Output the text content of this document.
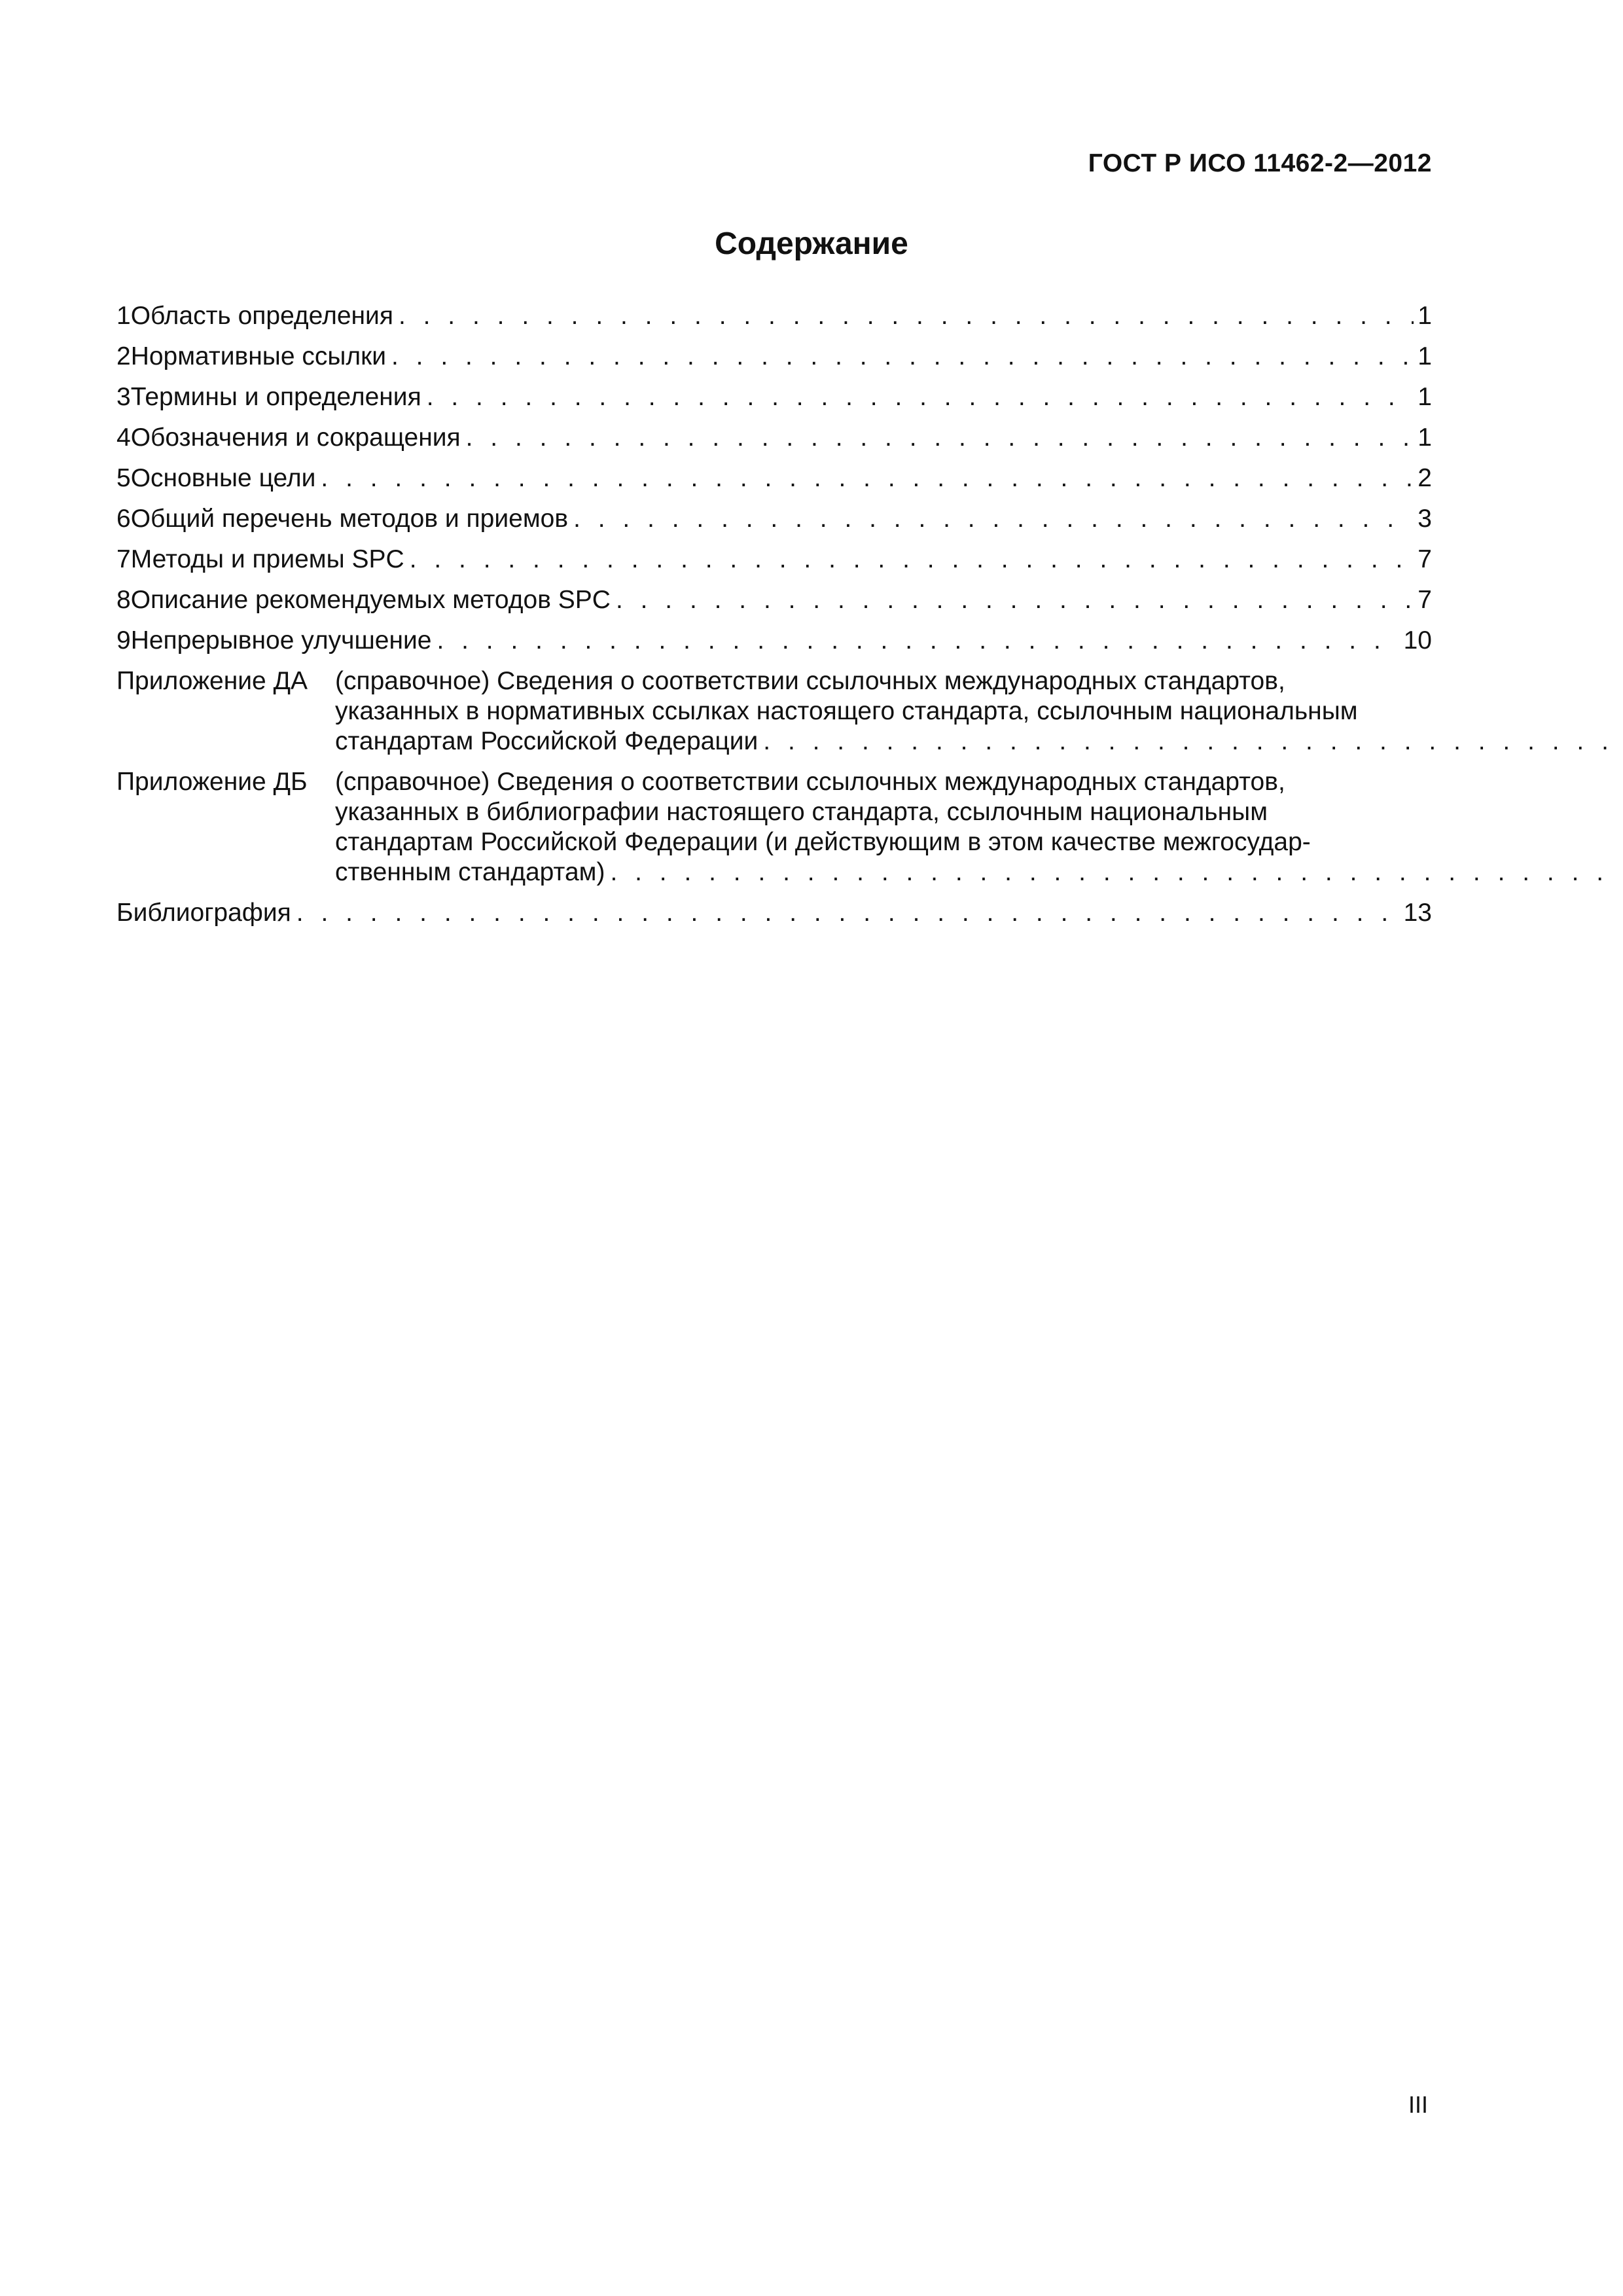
ГОСТ Р ИСО 11462-2—2012
Содержание
1 Область определения . . .	1
2 Нормативные ссылки . . .	1
3 Термины и определения . . .	1
4 Обозначения и сокращения . . .	1
5 Основные цели . . .	2
6 Общий перечень методов и приемов . . .	3
7 Методы и приемы SPC . . .	7
8 Описание рекомендуемых методов SPC . . .	7
9 Непрерывное улучшение . . .	10
Приложение ДА	(справочное) Сведения о соответствии ссылочных международных стандартов,
указанных в нормативных ссылках настоящего стандарта, ссылочным национальным
стандартам Российской Федерации
. . .
Приложение ДБ	(справочное) Сведения о соответствии ссылочных международных стандартов,
указанных в библиографии настоящего стандарта, ссылочным национальным
стандартам Российской Федерации (и действующим в этом качестве межгосудар-
ственным стандартам)
. . .
Библиография . . .	13
III
